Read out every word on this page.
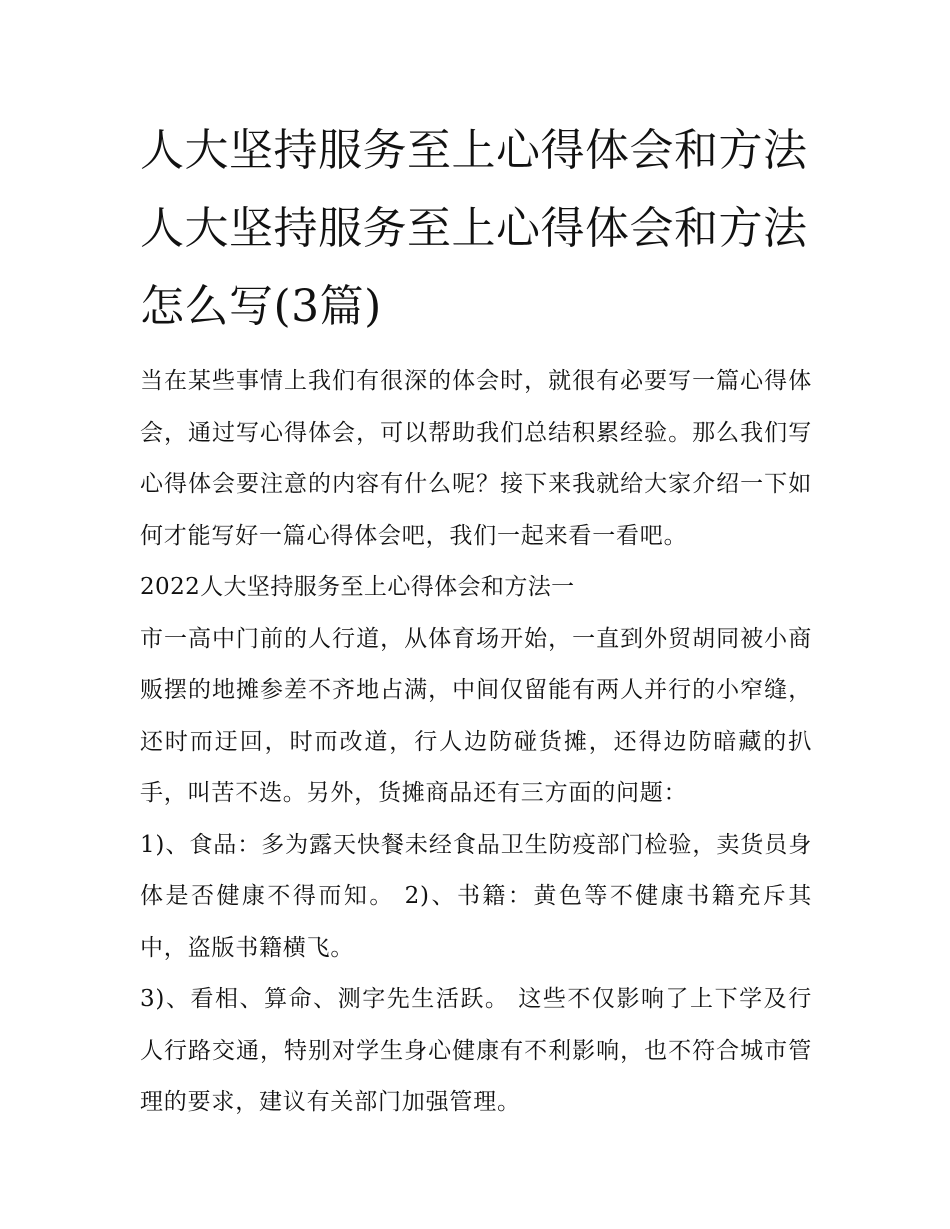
人大坚持服务至上心得体会和方法 人大坚持服务至上心得体会和方法怎么写(3篇)

当在某些事情上我们有很深的体会时，就很有必要写一篇心得体会，通过写心得体会，可以帮助我们总结积累经验。那么我们写心得体会要注意的内容有什么呢？接下来我就给大家介绍一下如何才能写好一篇心得体会吧，我们一起来看一看吧。

2022人大坚持服务至上心得体会和方法一

市一高中门前的人行道，从体育场开始，一直到外贸胡同被小商贩摆的地摊参差不齐地占满，中间仅留能有两人并行的小窄缝，还时而迂回，时而改道，行人边防碰货摊，还得边防暗藏的扒手，叫苦不迭。另外，货摊商品还有三方面的问题：

1)、食品：多为露天快餐未经食品卫生防疫部门检验，卖货员身体是否健康不得而知。 2)、书籍：黄色等不健康书籍充斥其中，盗版书籍横飞。

3)、看相、算命、测字先生活跃。 这些不仅影响了上下学及行人行路交通，特别对学生身心健康有不利影响，也不符合城市管理的要求，建议有关部门加强管理。
